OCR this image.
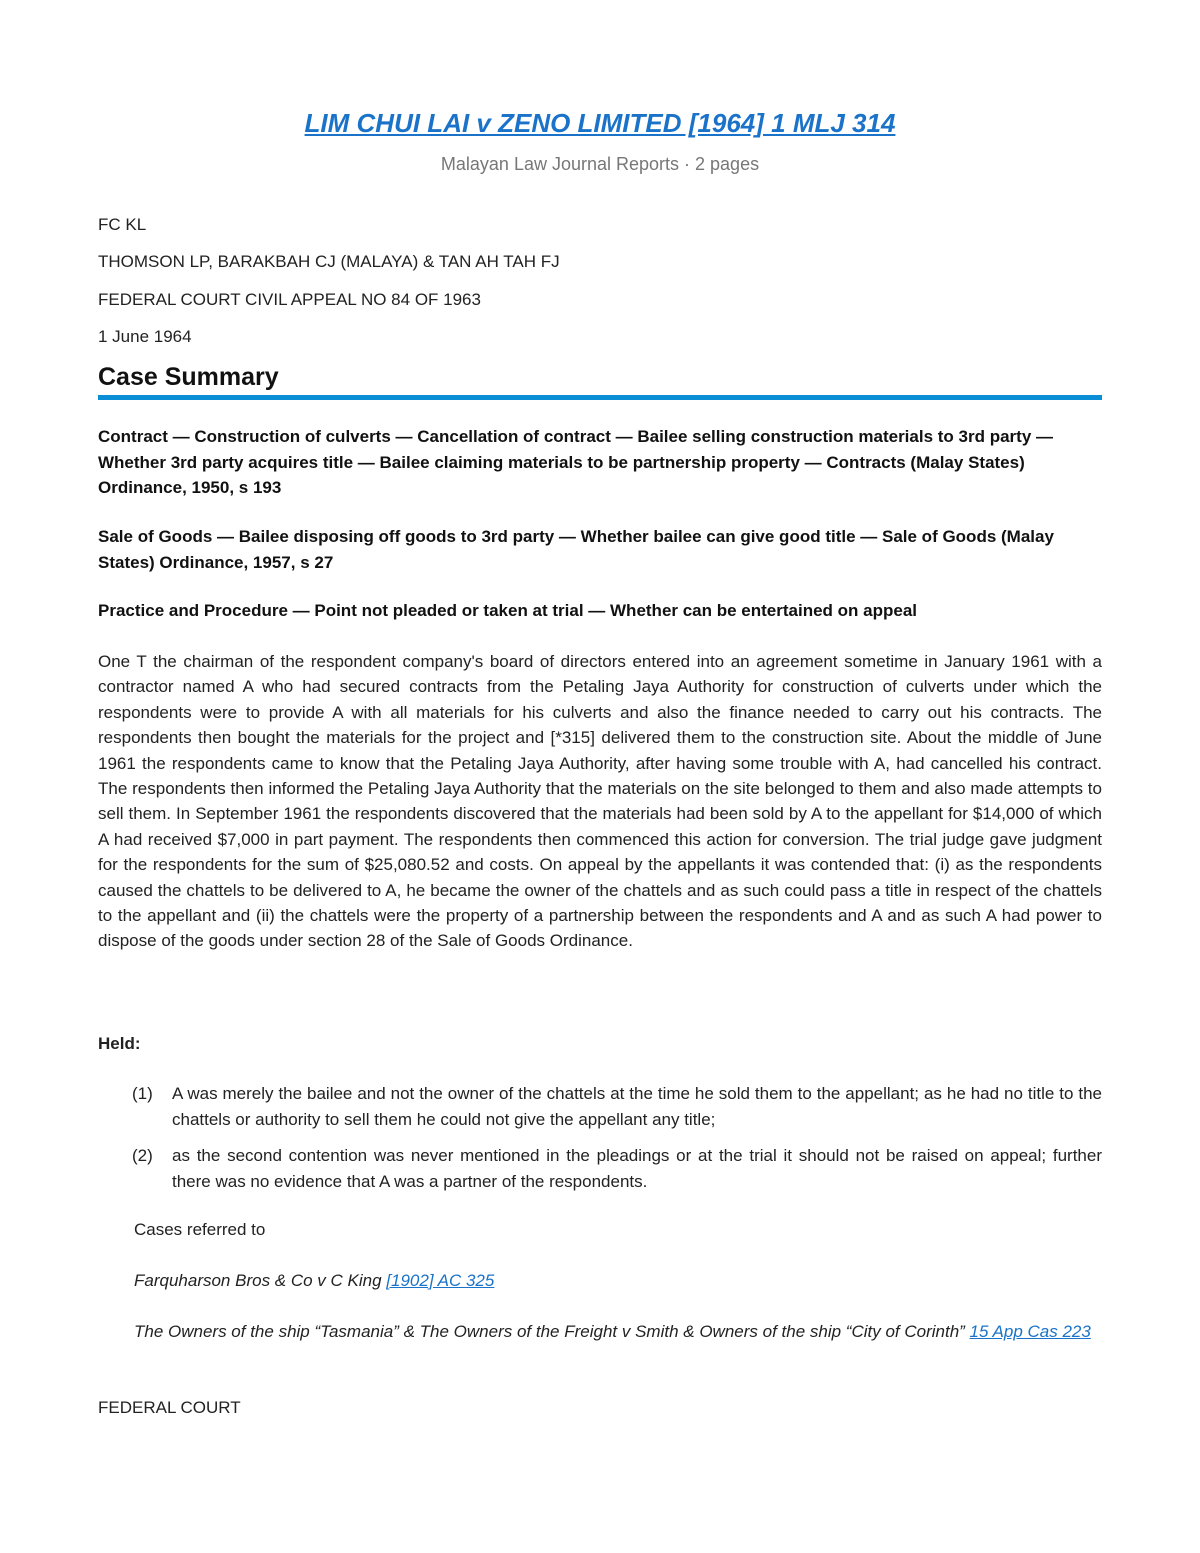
LIM CHUI LAI v ZENO LIMITED [1964] 1 MLJ 314
Malayan Law Journal Reports · 2 pages

FC KL

THOMSON LP, BARAKBAH CJ (MALAYA) & TAN AH TAH FJ

FEDERAL COURT CIVIL APPEAL NO 84 OF 1963

1 June 1964

Case Summary

Contract — Construction of culverts — Cancellation of contract — Bailee selling construction materials to 3rd party — Whether 3rd party acquires title — Bailee claiming materials to be partnership property — Contracts (Malay States) Ordinance, 1950, s 193

Sale of Goods — Bailee disposing off goods to 3rd party — Whether bailee can give good title — Sale of Goods (Malay States) Ordinance, 1957, s 27

Practice and Procedure — Point not pleaded or taken at trial — Whether can be entertained on appeal

One T the chairman of the respondent company's board of directors entered into an agreement sometime in January 1961 with a contractor named A who had secured contracts from the Petaling Jaya Authority for construction of culverts under which the respondents were to provide A with all materials for his culverts and also the finance needed to carry out his contracts. The respondents then bought the materials for the project and [*315] delivered them to the construction site. About the middle of June 1961 the respondents came to know that the Petaling Jaya Authority, after having some trouble with A, had cancelled his contract. The respondents then informed the Petaling Jaya Authority that the materials on the site belonged to them and also made attempts to sell them. In September 1961 the respondents discovered that the materials had been sold by A to the appellant for $14,000 of which A had received $7,000 in part payment. The respondents then commenced this action for conversion. The trial judge gave judgment for the respondents for the sum of $25,080.52 and costs. On appeal by the appellants it was contended that: (i) as the respondents caused the chattels to be delivered to A, he became the owner of the chattels and as such could pass a title in respect of the chattels to the appellant and (ii) the chattels were the property of a partnership between the respondents and A and as such A had power to dispose of the goods under section 28 of the Sale of Goods Ordinance.

Held:

(1)	A was merely the bailee and not the owner of the chattels at the time he sold them to the appellant; as he had no title to the chattels or authority to sell them he could not give the appellant any title;
(2)	as the second contention was never mentioned in the pleadings or at the trial it should not be raised on appeal; further there was no evidence that A was a partner of the respondents.

Cases referred to

Farquharson Bros & Co v C King [1902] AC 325

The Owners of the ship “Tasmania” & The Owners of the Freight v Smith & Owners of the ship “City of Corinth” 15 App Cas 223

FEDERAL COURT
